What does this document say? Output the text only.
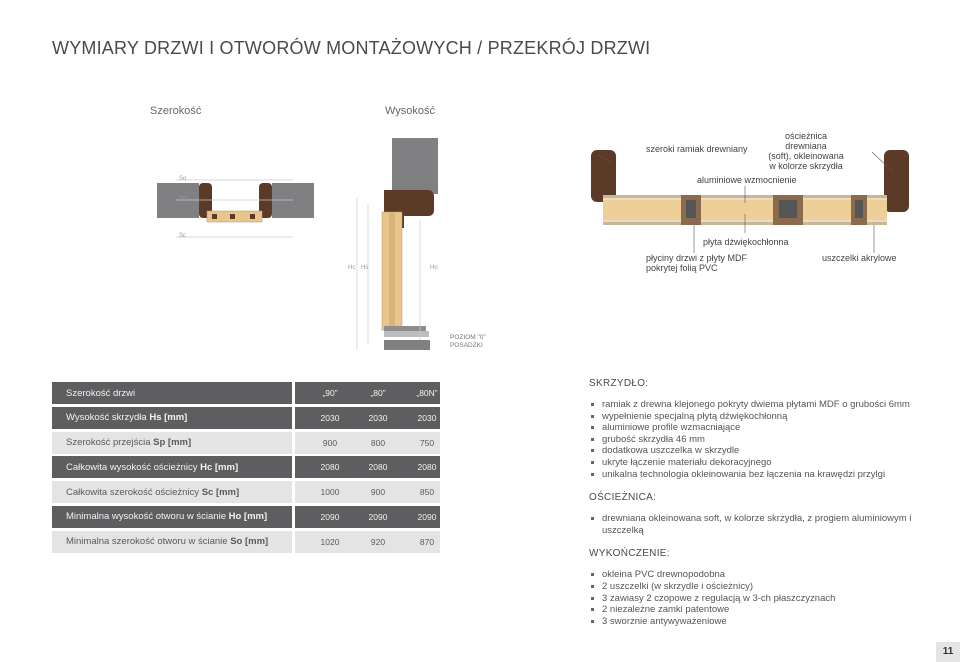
WYMIARY DRZWI I OTWORÓW MONTAŻOWYCH / PRZEKRÓJ DRZWI
Szerokość	Wysokość
So
Sp
Sc
Hc Hs	Ho
POZIOM "0"
POSADZKI
szeroki ramiak drewniany
ościeżnica drewniana
(soft), okleinowana
w kolorze skrzydła
aluminiowe wzmocnienie
płyta dźwiękochłonna
płyciny drzwi z płyty MDF
pokrytej folią PVC
uszczelki akrylowe
Szerokość drzwi	„90”	„80”	„80N”
Wysokość skrzydła Hs [mm]	2030	2030	2030
Szerokość przejścia Sp [mm]	900	800	750
Całkowita wysokość ościeżnicy Hc [mm]	2080	2080	2080
Całkowita szerokość ościeżnicy Sc [mm]	1000	900	850
Minimalna wysokość otworu w ścianie Ho [mm]	2090	2090	2090
Minimalna szerokość otworu w ścianie So [mm]	1020	920	870
SKRZYDŁO:
ramiak z drewna klejonego pokryty dwiema płytami MDF o grubości 6mm
wypełnienie specjalną płytą dźwiękochłonną
aluminiowe profile wzmacniające
grubość skrzydła 46 mm
dodatkowa uszczelka w skrzydle
ukryte łączenie materiału dekoracyjnego
unikalna technologia okleinowania bez łączenia na krawędzi przylgi
OŚCIEŻNICA:
drewniana okleinowana soft, w kolorze skrzydła, z progiem aluminiowym i uszczelką
WYKOŃCZENIE:
okleina PVC drewnopodobna
2 uszczelki (w skrzydle i ościeżnicy)
3 zawiasy 2 czopowe z regulacją w 3-ch płaszczyznach
2 niezależne zamki patentowe
3 sworznie antywyważeniowe
11
